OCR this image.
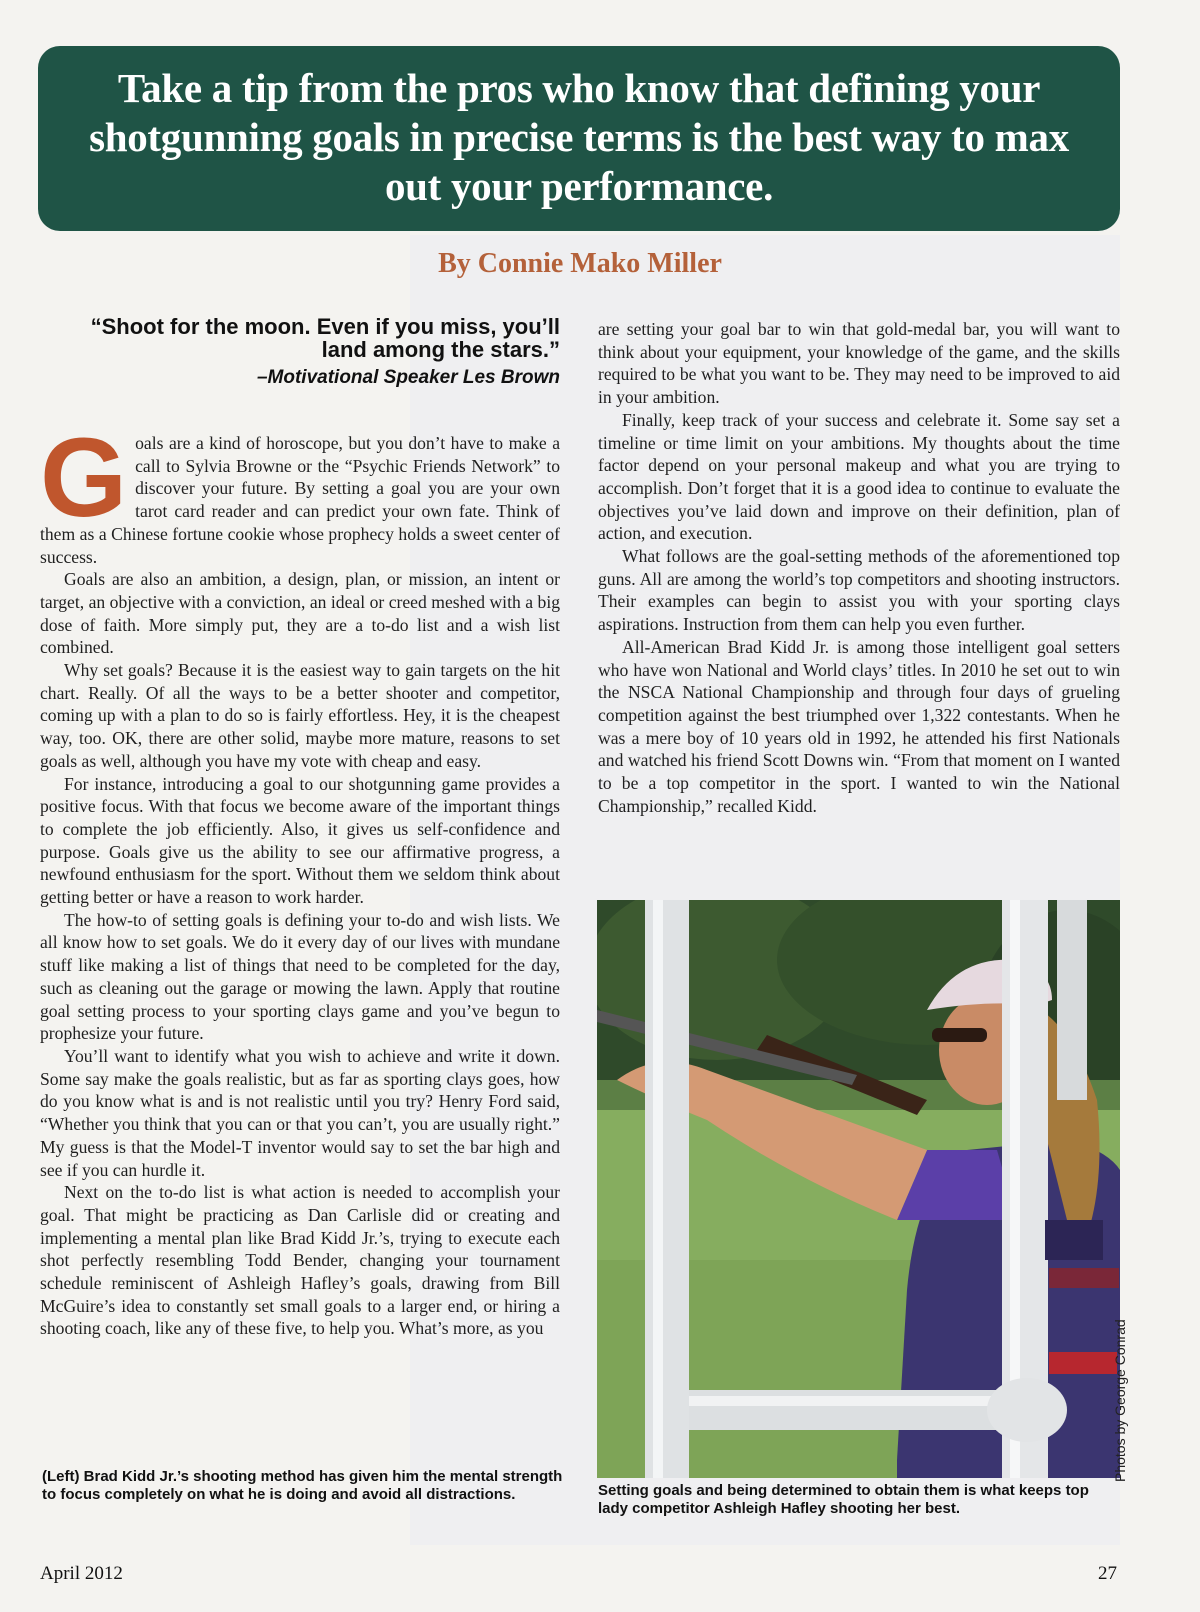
Take a tip from the pros who know that defining your shotgunning goals in precise terms is the best way to max out your performance.

By Connie Mako Miller

“Shoot for the moon. Even if you miss, you’ll land among the stars.”

–Motivational Speaker Les Brown

Goals are a kind of horoscope, but you don’t have to make a call to Sylvia Browne or the “Psychic Friends Network” to discover your future. By setting a goal you are your own tarot card reader and can predict your own fate. Think of them as a Chinese fortune cookie whose prophecy holds a sweet center of success.

Goals are also an ambition, a design, plan, or mission, an intent or target, an objective with a conviction, an ideal or creed meshed with a big dose of faith. More simply put, they are a to-do list and a wish list combined.

Why set goals? Because it is the easiest way to gain targets on the hit chart. Really. Of all the ways to be a better shooter and competitor, coming up with a plan to do so is fairly effortless. Hey, it is the cheapest way, too. OK, there are other solid, maybe more mature, reasons to set goals as well, although you have my vote with cheap and easy.

For instance, introducing a goal to our shotgunning game provides a positive focus. With that focus we become aware of the important things to complete the job efficiently. Also, it gives us self-confidence and purpose. Goals give us the ability to see our affirmative progress, a newfound enthusiasm for the sport. Without them we seldom think about getting better or have a reason to work harder.

The how-to of setting goals is defining your to-do and wish lists. We all know how to set goals. We do it every day of our lives with mundane stuff like making a list of things that need to be completed for the day, such as cleaning out the garage or mowing the lawn. Apply that routine goal setting process to your sporting clays game and you’ve begun to prophesize your future.

You’ll want to identify what you wish to achieve and write it down. Some say make the goals realistic, but as far as sporting clays goes, how do you know what is and is not realistic until you try? Henry Ford said, “Whether you think that you can or that you can’t, you are usually right.” My guess is that the Model-T inventor would say to set the bar high and see if you can hurdle it.

Next on the to-do list is what action is needed to accomplish your goal. That might be practicing as Dan Carlisle did or creating and implementing a mental plan like Brad Kidd Jr.’s, trying to execute each shot perfectly resembling Todd Bender, changing your tournament schedule reminiscent of Ashleigh Hafley’s goals, drawing from Bill McGuire’s idea to constantly set small goals to a larger end, or hiring a shooting coach, like any of these five, to help you. What’s more, as you

are setting your goal bar to win that gold-medal bar, you will want to think about your equipment, your knowledge of the game, and the skills required to be what you want to be. They may need to be improved to aid in your ambition.

Finally, keep track of your success and celebrate it. Some say set a timeline or time limit on your ambitions. My thoughts about the time factor depend on your personal makeup and what you are trying to accomplish. Don’t forget that it is a good idea to continue to evaluate the objectives you’ve laid down and improve on their definition, plan of action, and execution.

What follows are the goal-setting methods of the aforementioned top guns. All are among the world’s top competitors and shooting instructors. Their examples can begin to assist you with your sporting clays aspirations. Instruction from them can help you even further.

All-American Brad Kidd Jr. is among those intelligent goal setters who have won National and World clays’ titles. In 2010 he set out to win the NSCA National Championship and through four days of grueling competition against the best triumphed over 1,322 contestants. When he was a mere boy of 10 years old in 1992, he attended his first Nationals and watched his friend Scott Downs win. “From that moment on I wanted to be a top competitor in the sport. I wanted to win the National Championship,” recalled Kidd.

Photos by George Conrad

(Left) Brad Kidd Jr.’s shooting method has given him the mental strength to focus completely on what he is doing and avoid all distractions.	Setting goals and being determined to obtain them is what keeps top lady competitor Ashleigh Hafley shooting her best.

April 2012	27
